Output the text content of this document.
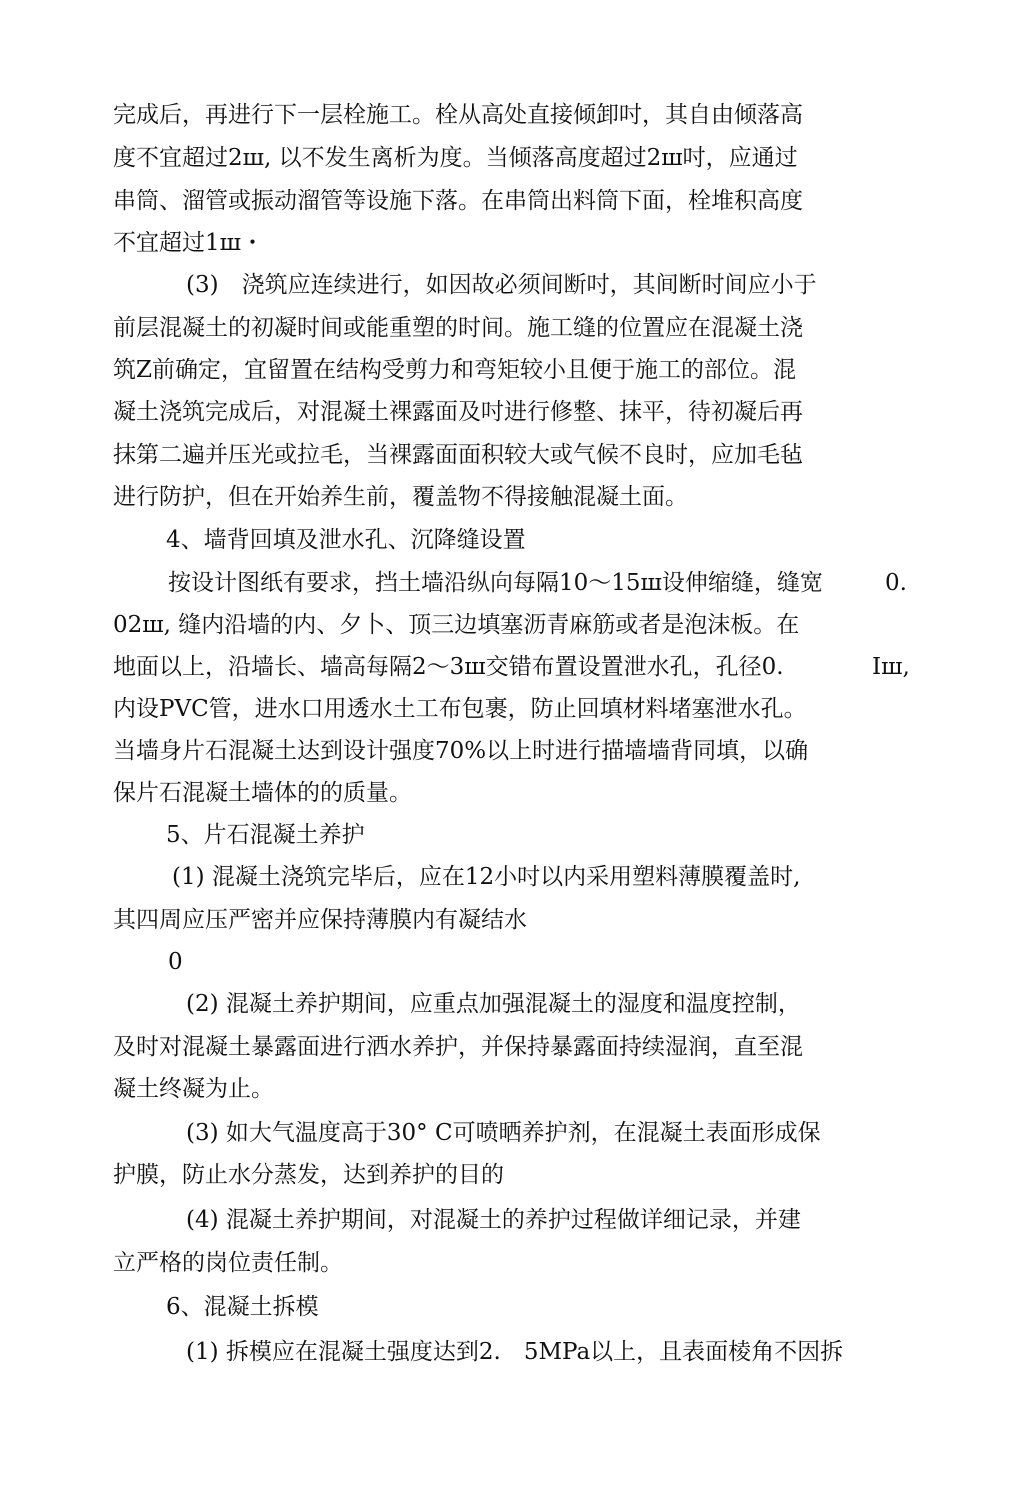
完成后，再进行下一层栓施工。栓从高处直接倾卸吋，其自由倾落高
度不宜超过2ш, 以不发生离析为度。当倾落高度超过2ш吋，应通过
串筒、溜管或振动溜管等设施下落。在串筒出料筒下面，栓堆积高度
不宜超过1ш・
(3)　浇筑应连续进行，如因故必须间断吋，其间断时间应小于
前层混凝土的初凝时间或能重塑的时间。施工缝的位置应在混凝土浇
筑Z前确定，宜留置在结构受剪力和弯矩较小且便于施工的部位。混
凝土浇筑完成后，对混凝土裸露面及吋进行修整、抹平，待初凝后再
抹第二遍并压光或拉毛，当裸露面面积较大或气候不良时，应加毛毡
进行防护，但在开始养生前，覆盖物不得接触混凝土面。
4、墙背回填及泄水孔、沉降缝设置
按设计图纸有要求，挡土墙沿纵向每隔10～15ш设伸缩缝，缝宽	0.
02ш, 缝内沿墙的内、夕卜、顶三边填塞沥青麻筋或者是泡沫板。在
地面以上，沿墙长、墙高每隔2～3ш交错布置设置泄水孔，孔径0.	Iш,
内设PVC管，进水口用透水土工布包裹，防止回填材料堵塞泄水孔。
当墙身片石混凝土达到设计强度70%以上时进行描墙墙背同填，以确
保片石混凝土墙体的的质量。
5、片石混凝土养护
(1) 混凝土浇筑完毕后，应在12小吋以内采用塑料薄膜覆盖时,
其四周应压严密并应保持薄膜内有凝结水
0
(2) 混凝土养护期间，应重点加强混凝土的湿度和温度控制，
及时对混凝土暴露面进行洒水养护，并保持暴露面持续湿润，直至混
凝土终凝为止。
(3) 如大气温度高于30° C可喷晒养护剂，在混凝土表面形成保
护膜，防止水分蒸发，达到养护的目的
(4) 混凝土养护期间，对混凝土的养护过程做详细记录，并建
立严格的岗位责任制。
6、混凝土拆模
(1) 拆模应在混凝土强度达到2.　5MPa以上，且表面棱角不因拆
